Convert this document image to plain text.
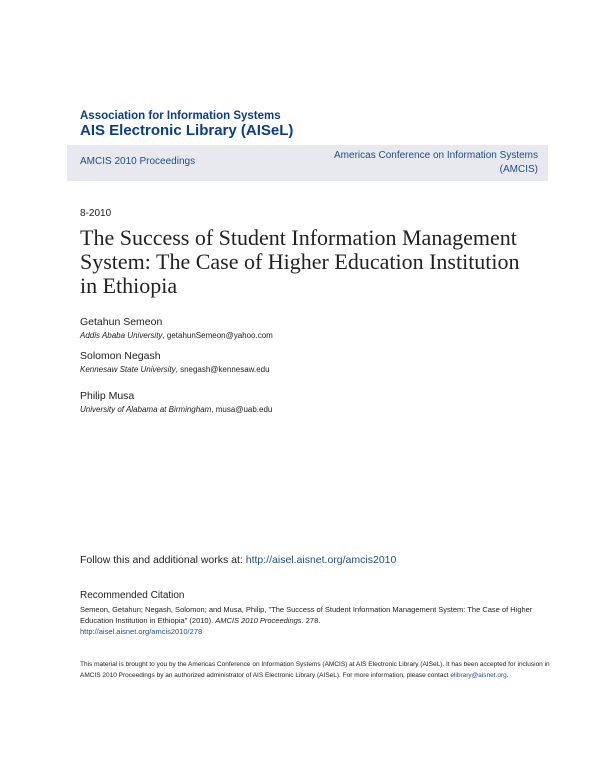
Association for Information Systems
AIS Electronic Library (AISeL)
AMCIS 2010 Proceedings
Americas Conference on Information Systems (AMCIS)
8-2010
The Success of Student Information Management System: The Case of Higher Education Institution in Ethiopia
Getahun Semeon
Addis Ababa University, getahunSemeon@yahoo.com
Solomon Negash
Kennesaw State University, snegash@kennesaw.edu
Philip Musa
University of Alabama at Birmingham, musa@uab.edu
Follow this and additional works at: http://aisel.aisnet.org/amcis2010
Recommended Citation
Semeon, Getahun; Negash, Solomon; and Musa, Philip, "The Success of Student Information Management System: The Case of Higher Education Institution in Ethiopia" (2010). AMCIS 2010 Proceedings. 278.
http://aisel.aisnet.org/amcis2010/278
This material is brought to you by the Americas Conference on Information Systems (AMCIS) at AIS Electronic Library (AISeL). It has been accepted for inclusion in AMCIS 2010 Proceedings by an authorized administrator of AIS Electronic Library (AISeL). For more information, please contact elibrary@aisnet.org.
